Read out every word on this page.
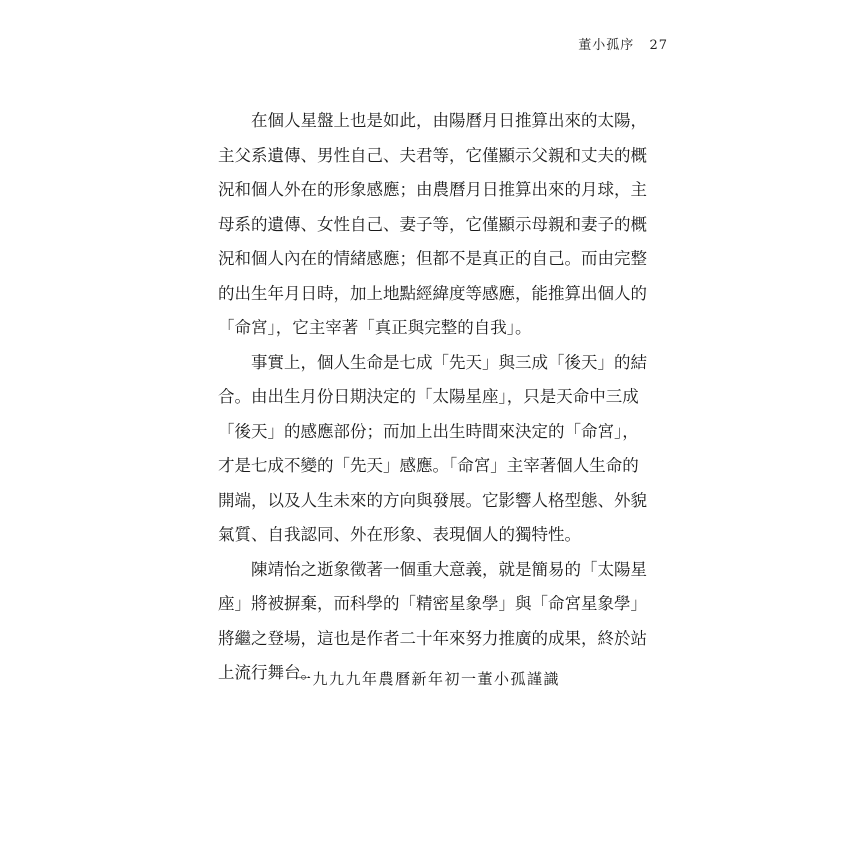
董小孤序 27
在個人星盤上也是如此，由陽曆月日推算出來的太陽，
主父系遺傳、男性自己、夫君等，它僅顯示父親和丈夫的概
況和個人外在的形象感應；由農曆月日推算出來的月球，主
母系的遺傳、女性自己、妻子等，它僅顯示母親和妻子的概
況和個人內在的情緒感應；但都不是真正的自己。而由完整
的出生年月日時，加上地點經緯度等感應，能推算出個人的
「命宮」，它主宰著「真正與完整的自我」。
事實上，個人生命是七成「先天」與三成「後天」的結
合。由出生月份日期決定的「太陽星座」，只是天命中三成
「後天」的感應部份；而加上出生時間來決定的「命宮」，
才是七成不變的「先天」感應。「命宮」主宰著個人生命的
開端，以及人生未來的方向與發展。它影響人格型態、外貌
氣質、自我認同、外在形象、表現個人的獨特性。
陳靖怡之逝象徵著一個重大意義，就是簡易的「太陽星
座」將被摒棄，而科學的「精密星象學」與「命宮星象學」
將繼之登場，這也是作者二十年來努力推廣的成果，終於站
上流行舞台。
一九九九年農曆新年初一董小孤謹識
